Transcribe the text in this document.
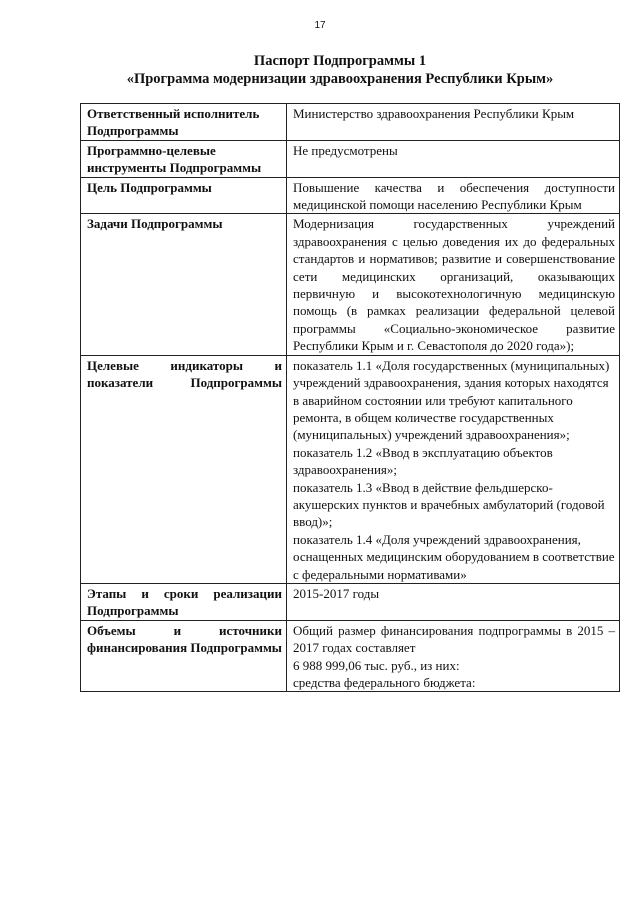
17
Паспорт Подпрограммы 1
«Программа модернизации здравоохранения Республики Крым»
Ответственный исполнитель Подпрограммы	Министерство здравоохранения Республики Крым
Программно-целевые инструменты Подпрограммы	Не предусмотрены
Цель Подпрограммы	Повышение качества и обеспечения доступности медицинской помощи населению Республики Крым
Задачи Подпрограммы	Модернизация государственных учреждений здравоохранения с целью доведения их до федеральных стандартов и нормативов; развитие и совершенствование сети медицинских организаций, оказывающих первичную и высокотехнологичную медицинскую помощь (в рамках реализации федеральной целевой программы «Социально-экономическое развитие Республики Крым и г. Севастополя до 2020 года»);
Целевые индикаторы и показатели Подпрограммы	показатель 1.1 «Доля государственных (муниципальных) учреждений здравоохранения, здания которых находятся в аварийном состоянии или требуют капитального ремонта, в общем количестве государственных (муниципальных) учреждений здравоохранения»;
показатель 1.2 «Ввод в эксплуатацию объектов здравоохранения»;
показатель 1.3 «Ввод в действие фельдшерско-акушерских пунктов и врачебных амбулаторий (годовой ввод)»;
показатель 1.4 «Доля учреждений здравоохранения, оснащенных медицинским оборудованием в соответствие с федеральными нормативами»

Этапы и сроки реализации Подпрограммы	2015-2017 годы
Объемы и источники финансирования Подпрограммы	Общий размер финансирования подпрограммы в 2015 – 2017 годах составляет
6 988 999,06 тыс. руб., из них:
средства федерального бюджета:
